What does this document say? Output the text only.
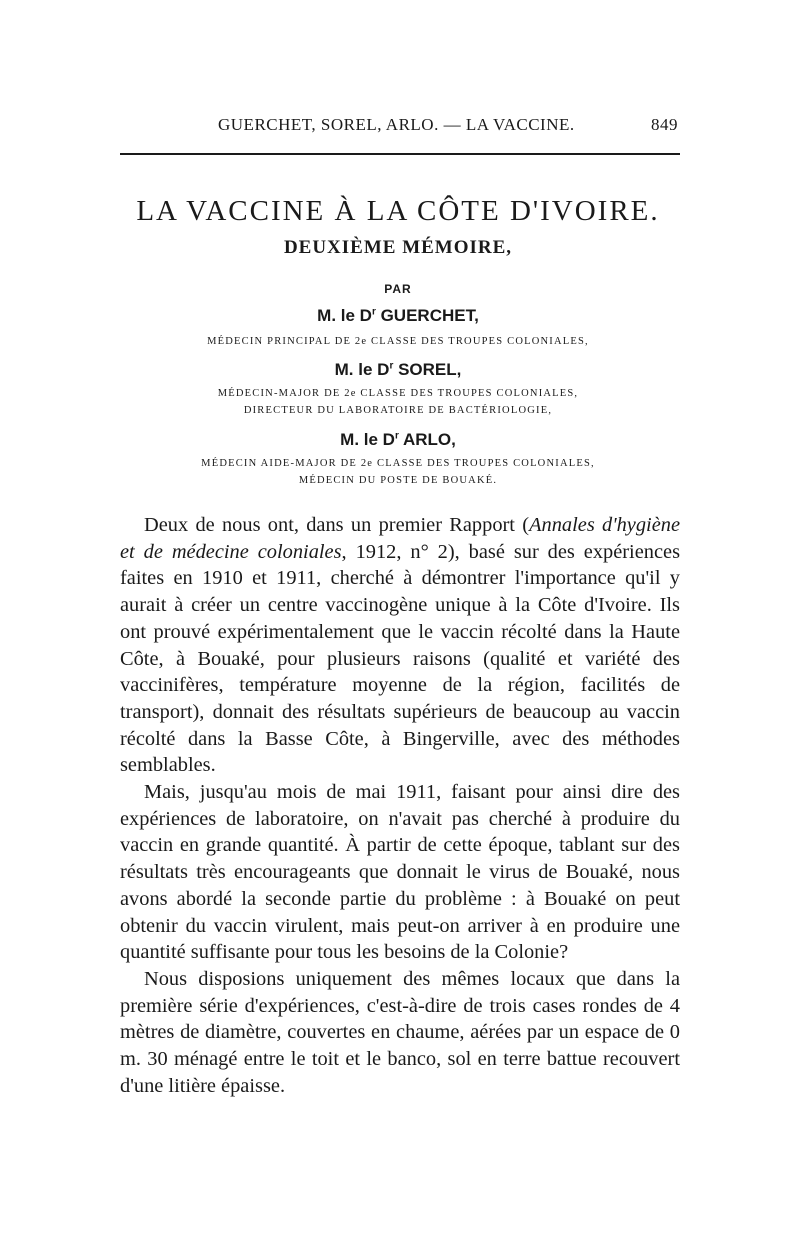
GUERCHET, SOREL, ARLO. — LA VACCINE.	849
LA VACCINE À LA CÔTE D'IVOIRE.
DEUXIÈME MÉMOIRE,
PAR
M. le $D^r$ GUERCHET,
MÉDECIN PRINCIPAL DE 2e CLASSE DES TROUPES COLONIALES,
M. le $D^r$ SOREL,
MÉDECIN-MAJOR DE 2e CLASSE DES TROUPES COLONIALES,
DIRECTEUR DU LABORATOIRE DE BACTÉRIOLOGIE,
M. le $D^r$ ARLO,
MÉDECIN AIDE-MAJOR DE 2e CLASSE DES TROUPES COLONIALES,
MÉDECIN DU POSTE DE BOUAKÉ.

Deux de nous ont, dans un premier Rapport (Annales d'hygiène et de médecine coloniales, 1912, n° 2), basé sur des expériences faites en 1910 et 1911, cherché à démontrer l'importance qu'il y aurait à créer un centre vaccinogène unique à la Côte d'Ivoire. Ils ont prouvé expérimentalement que le vaccin récolté dans la Haute Côte, à Bouaké, pour plusieurs raisons (qualité et variété des vaccinifères, température moyenne de la région, facilités de transport), donnait des résultats supérieurs de beaucoup au vaccin récolté dans la Basse Côte, à Bingerville, avec des méthodes semblables.

Mais, jusqu'au mois de mai 1911, faisant pour ainsi dire des expériences de laboratoire, on n'avait pas cherché à produire du vaccin en grande quantité. À partir de cette époque, tablant sur des résultats très encourageants que donnait le virus de Bouaké, nous avons abordé la seconde partie du problème : à Bouaké on peut obtenir du vaccin virulent, mais peut-on arriver à en produire une quantité suffisante pour tous les besoins de la Colonie?

Nous disposions uniquement des mêmes locaux que dans la première série d'expériences, c'est-à-dire de trois cases rondes de 4 mètres de diamètre, couvertes en chaume, aérées par un espace de 0 m. 30 ménagé entre le toit et le banco, sol en terre battue recouvert d'une litière épaisse.
